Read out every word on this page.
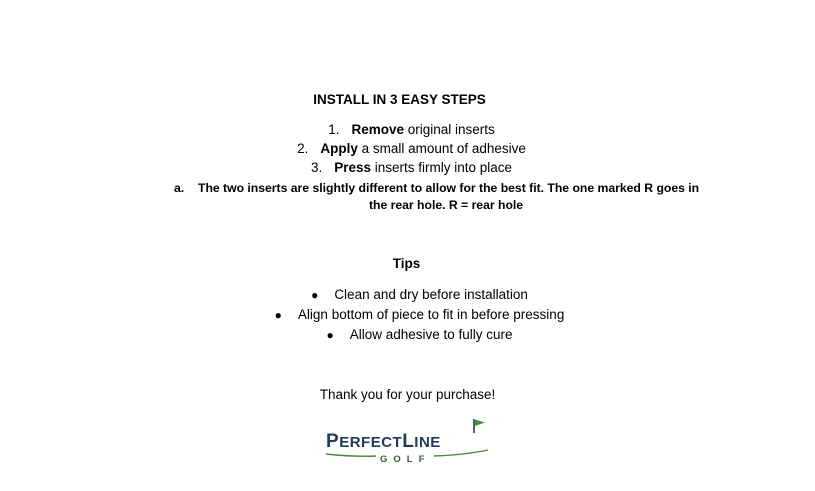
INSTALL IN 3 EASY STEPS
1. Remove original inserts
2. Apply a small amount of adhesive
3. Press inserts firmly into place
a. The two inserts are slightly different to allow for the best fit. The one marked R goes in
the rear hole. R = rear hole
Tips
● Clean and dry before installation
● Align bottom of piece to fit in before pressing
● Allow adhesive to fully cure
Thank you for your purchase!
PERFECTLINE
GOLF
